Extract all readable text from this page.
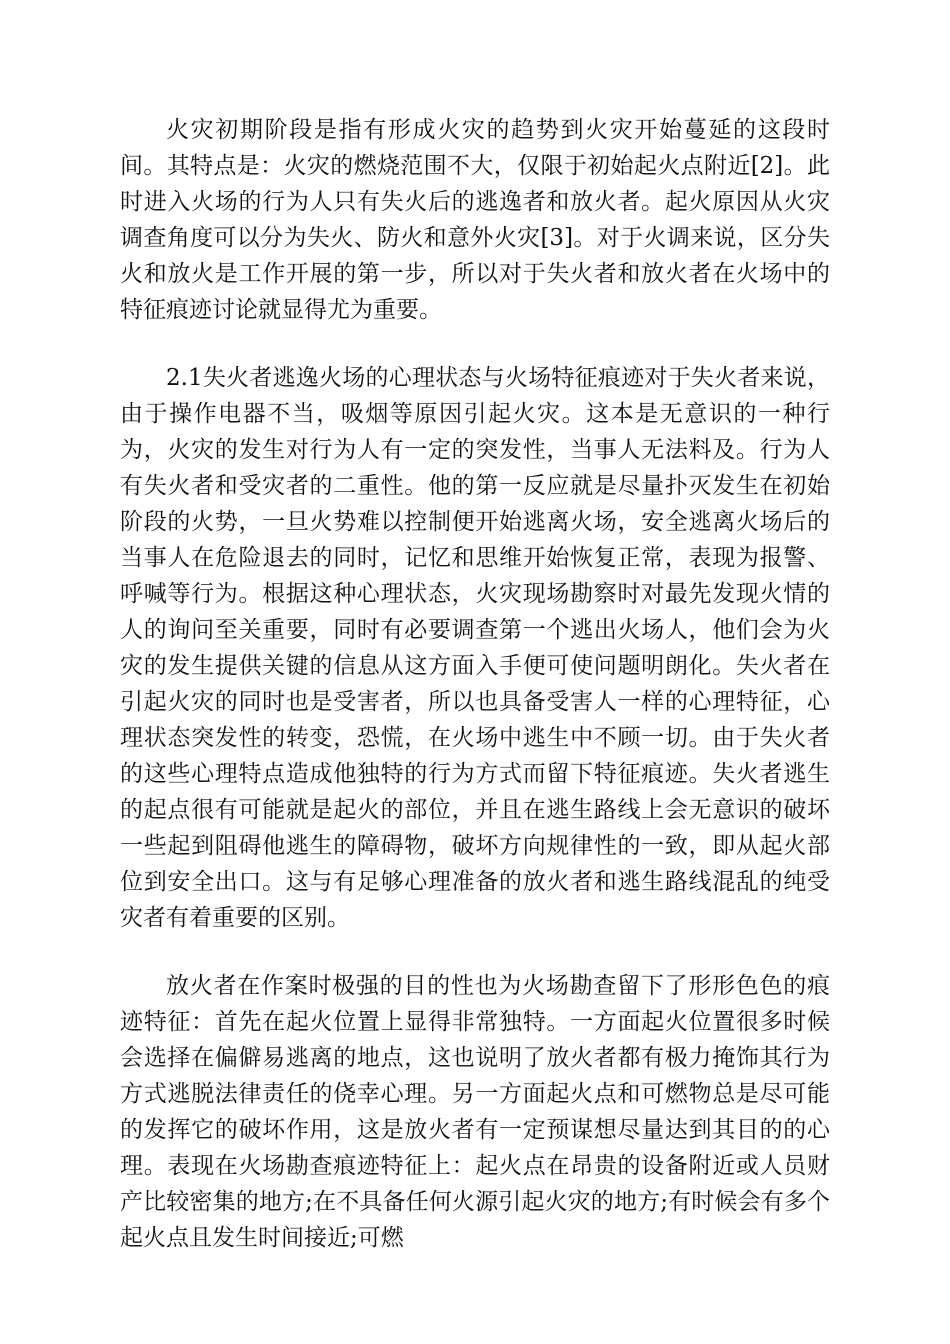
火灾初期阶段是指有形成火灾的趋势到火灾开始蔓延的这段时间。其特点是：火灾的燃烧范围不大，仅限于初始起火点附近[2]。此时进入火场的行为人只有失火后的逃逸者和放火者。起火原因从火灾调查角度可以分为失火、防火和意外火灾[3]。对于火调来说，区分失火和放火是工作开展的第一步，所以对于失火者和放火者在火场中的特征痕迹讨论就显得尤为重要。

2.1失火者逃逸火场的心理状态与火场特征痕迹对于失火者来说，由于操作电器不当，吸烟等原因引起火灾。这本是无意识的一种行为，火灾的发生对行为人有一定的突发性，当事人无法料及。行为人有失火者和受灾者的二重性。他的第一反应就是尽量扑灭发生在初始阶段的火势，一旦火势难以控制便开始逃离火场，安全逃离火场后的当事人在危险退去的同时，记忆和思维开始恢复正常，表现为报警、呼喊等行为。根据这种心理状态，火灾现场勘察时对最先发现火情的人的询问至关重要，同时有必要调查第一个逃出火场人，他们会为火灾的发生提供关键的信息从这方面入手便可使问题明朗化。失火者在引起火灾的同时也是受害者，所以也具备受害人一样的心理特征，心理状态突发性的转变，恐慌，在火场中逃生中不顾一切。由于失火者的这些心理特点造成他独特的行为方式而留下特征痕迹。失火者逃生的起点很有可能就是起火的部位，并且在逃生路线上会无意识的破坏一些起到阻碍他逃生的障碍物，破坏方向规律性的一致，即从起火部位到安全出口。这与有足够心理准备的放火者和逃生路线混乱的纯受灾者有着重要的区别。

放火者在作案时极强的目的性也为火场勘查留下了形形色色的痕迹特征：首先在起火位置上显得非常独特。一方面起火位置很多时候会选择在偏僻易逃离的地点，这也说明了放火者都有极力掩饰其行为方式逃脱法律责任的侥幸心理。另一方面起火点和可燃物总是尽可能的发挥它的破坏作用，这是放火者有一定预谋想尽量达到其目的的心理。表现在火场勘查痕迹特征上：起火点在昂贵的设备附近或人员财产比较密集的地方;在不具备任何火源引起火灾的地方;有时候会有多个起火点且发生时间接近;可燃
